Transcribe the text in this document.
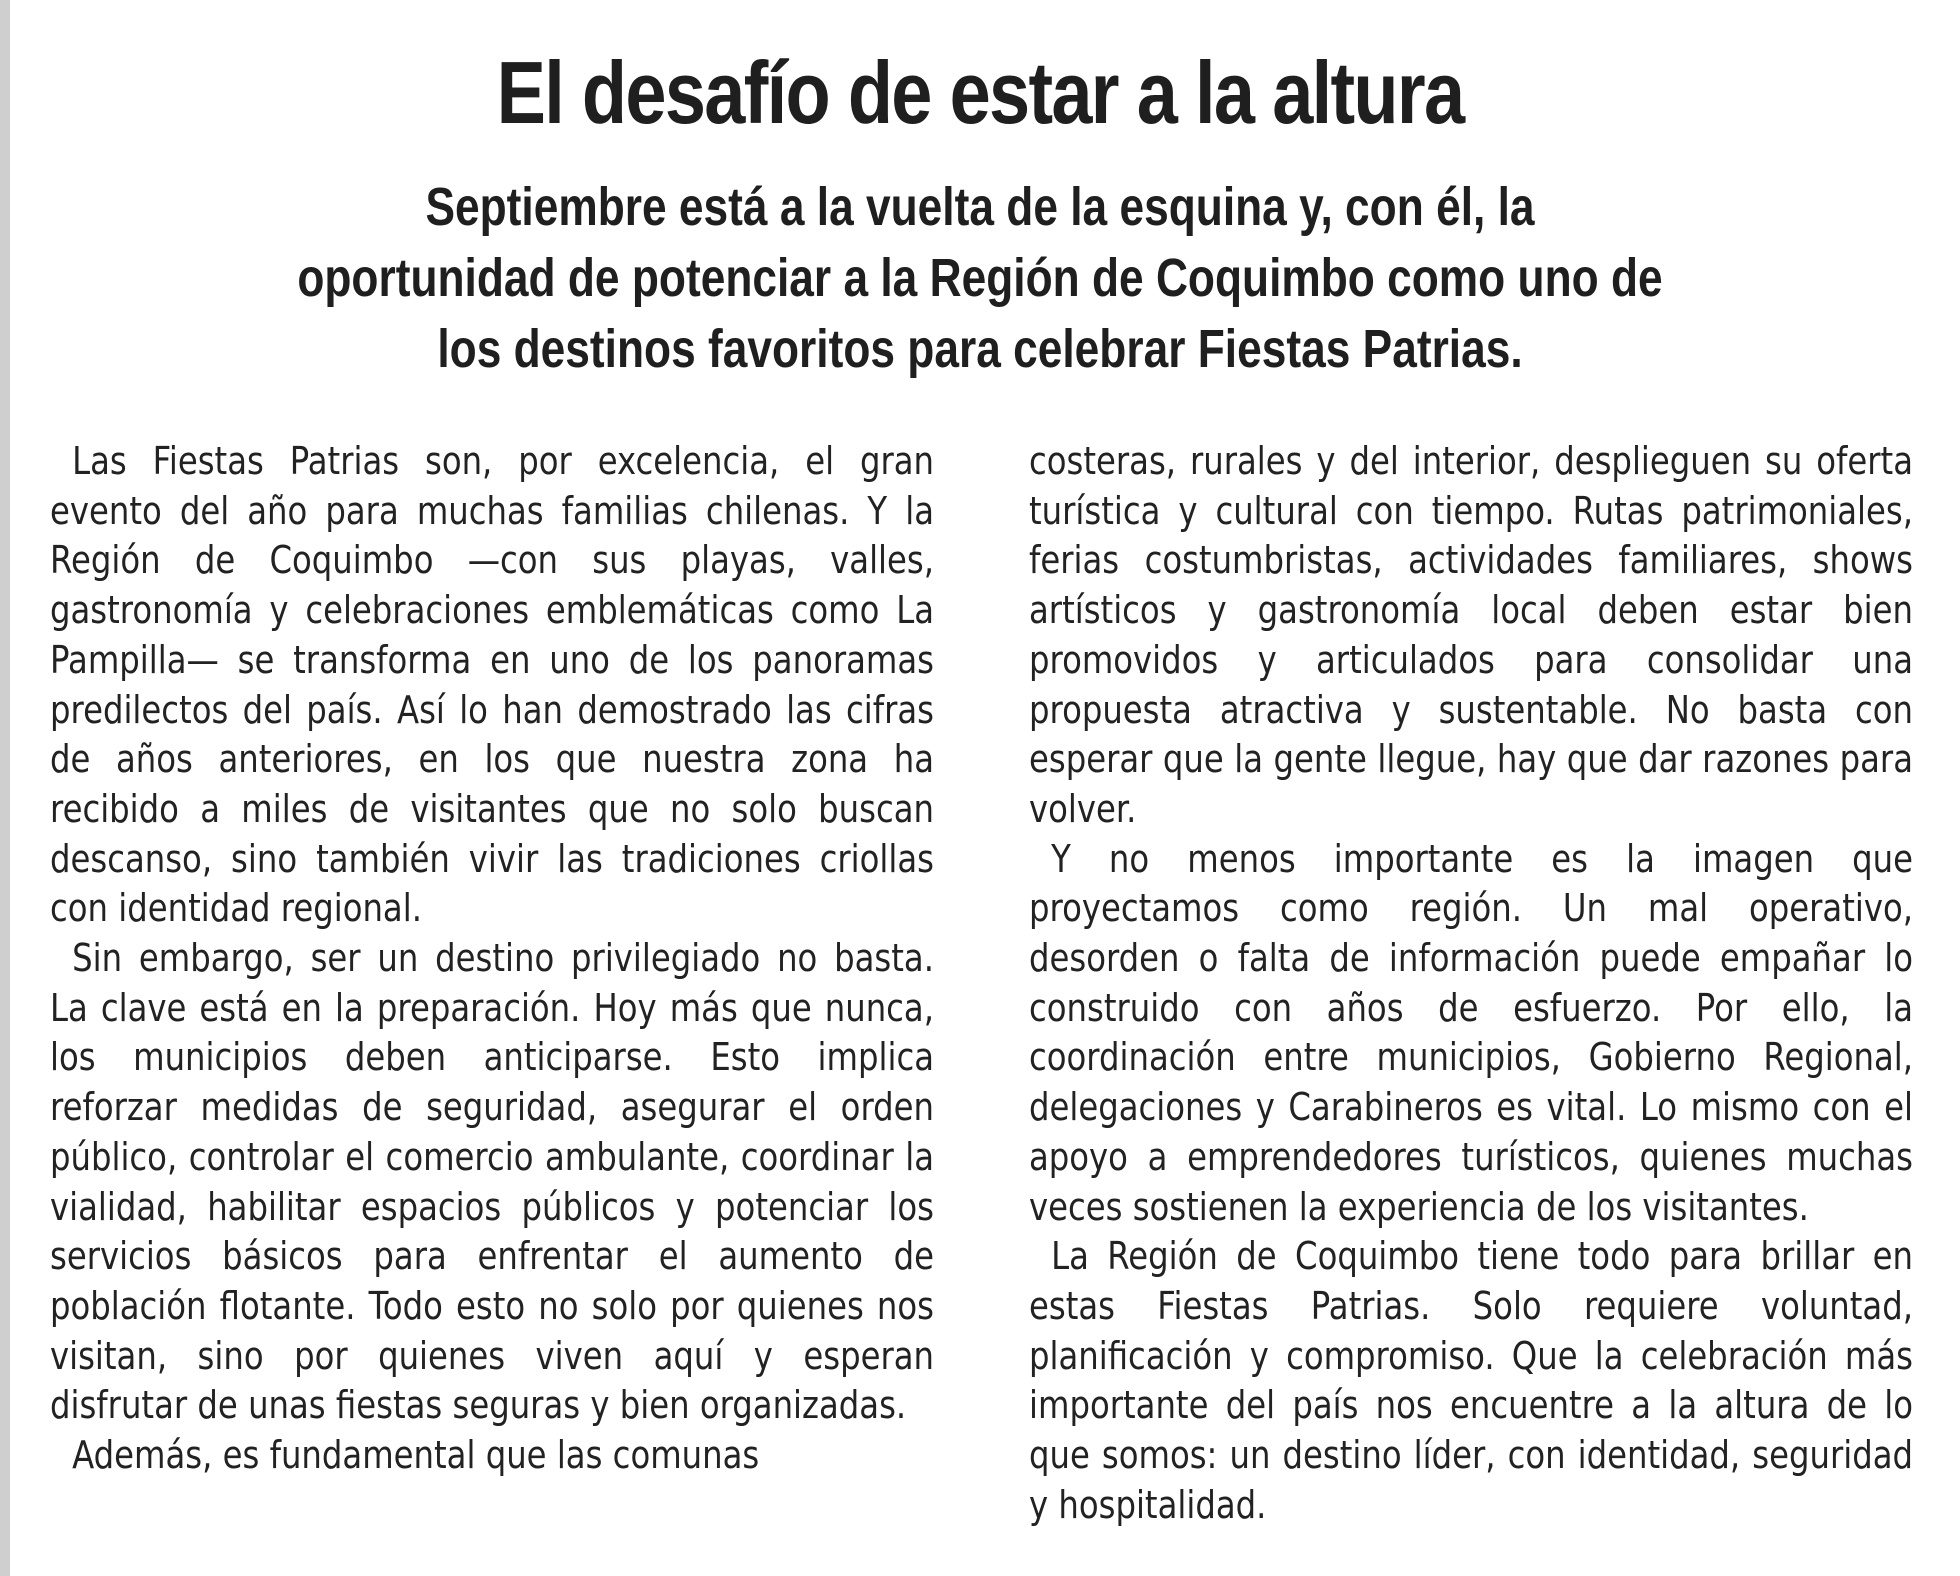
El desafío de estar a la altura
Septiembre está a la vuelta de la esquina y, con él, la oportunidad de potenciar a la Región de Coquimbo como uno de los destinos favoritos para celebrar Fiestas Patrias.

Las Fiestas Patrias son, por excelencia, el gran evento del año para muchas familias chilenas. Y la Región de Coquimbo —con sus playas, valles, gastronomía y celebraciones emblemáticas como La Pampilla— se transforma en uno de los panoramas predilectos del país. Así lo han demostrado las cifras de años anteriores, en los que nuestra zona ha recibido a miles de visitantes que no solo buscan descanso, sino también vivir las tradiciones criollas con identidad regional.

Sin embargo, ser un destino privilegiado no basta. La clave está en la preparación. Hoy más que nunca, los municipios deben anticiparse. Esto implica reforzar medidas de seguridad, asegurar el orden público, controlar el comercio ambulante, coordinar la vialidad, habilitar espacios públicos y potenciar los servicios básicos para enfrentar el aumento de población flotante. Todo esto no solo por quienes nos visitan, sino por quienes viven aquí y esperan disfrutar de unas fiestas seguras y bien organizadas.

Además, es fundamental que las comunas

costeras, rurales y del interior, desplieguen su oferta turística y cultural con tiempo. Rutas patrimoniales, ferias costumbristas, actividades familiares, shows artísticos y gastronomía local deben estar bien promovidos y articulados para consolidar una propuesta atractiva y sustentable. No basta con esperar que la gente llegue, hay que dar razones para volver.

Y no menos importante es la imagen que proyectamos como región. Un mal operativo, desorden o falta de información puede empañar lo construido con años de esfuerzo. Por ello, la coordinación entre municipios, Gobierno Regional, delegaciones y Carabineros es vital. Lo mismo con el apoyo a emprendedores turísticos, quienes muchas veces sostienen la experiencia de los visitantes.

La Región de Coquimbo tiene todo para brillar en estas Fiestas Patrias. Solo requiere voluntad, planificación y compromiso. Que la celebración más importante del país nos encuentre a la altura de lo que somos: un destino líder, con identidad, seguridad y hospitalidad.
